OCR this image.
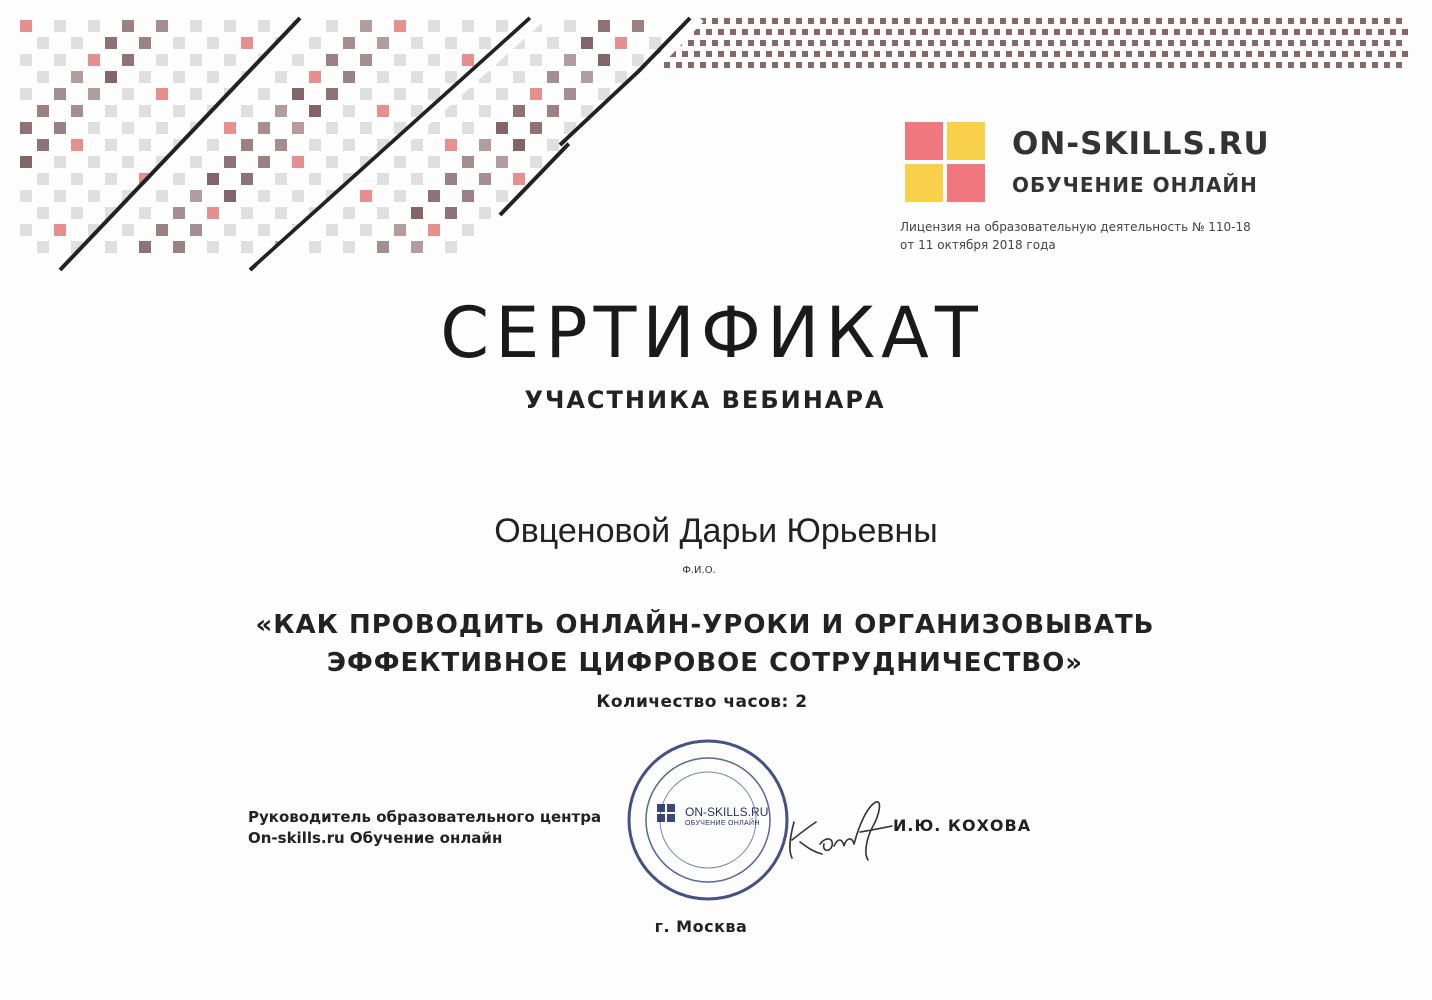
ON-SKILLS.RU
ОБУЧЕНИЕ ОНЛАЙН
Лицензия на образовательную деятельность № 110-18
от 11 октября 2018 года
СЕРТИФИКАТ
УЧАСТНИКА ВЕБИНАРА
Овценовой Дарьи Юрьевны
Ф.И.О.
«КАК ПРОВОДИТЬ ОНЛАЙН-УРОКИ И ОРГАНИЗОВЫВАТЬ
ЭФФЕКТИВНОЕ ЦИФРОВОЕ СОТРУДНИЧЕСТВО»
Количество часов: 2
Руководитель образовательного центра
On-skills.ru Обучение онлайн
ON-SKILLS.RU
ОБУЧЕНИЕ ОНЛАЙН	И.Ю. КОХОВА
г. Москва
